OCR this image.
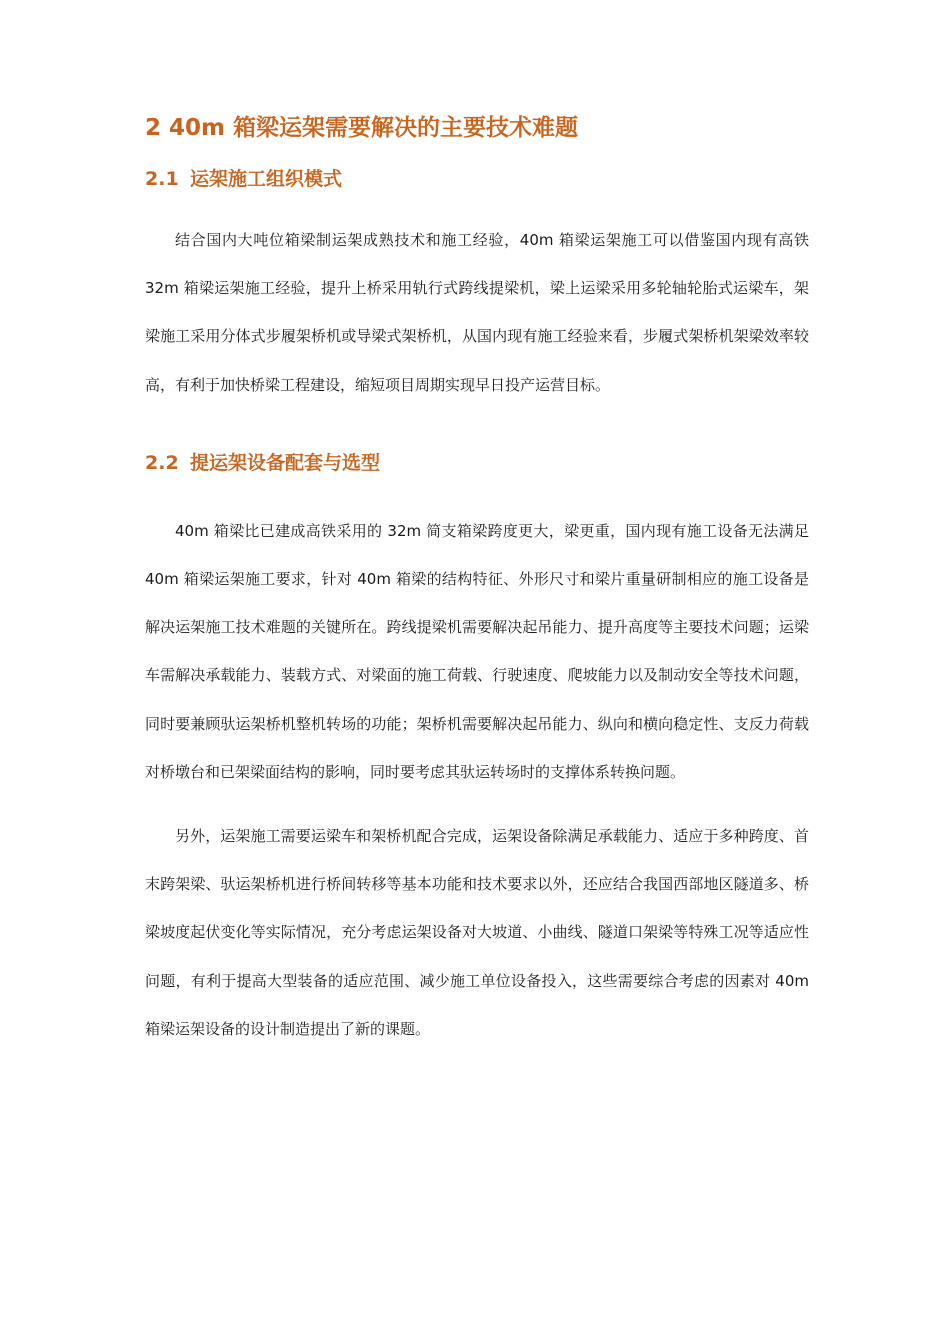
2 40m 箱梁运架需要解决的主要技术难题
2.1 运架施工组织模式

结合国内大吨位箱梁制运架成熟技术和施工经验，40m 箱梁运架施工可以借鉴国内现有高铁 32m 箱梁运架施工经验，提升上桥采用轨行式跨线提梁机，梁上运梁采用多轮轴轮胎式运梁车，架梁施工采用分体式步履架桥机或导梁式架桥机，从国内现有施工经验来看，步履式架桥机架梁效率较高，有利于加快桥梁工程建设，缩短项目周期实现早日投产运营目标。

2.2 提运架设备配套与选型

40m 箱梁比已建成高铁采用的 32m 简支箱梁跨度更大，梁更重，国内现有施工设备无法满足 40m 箱梁运架施工要求，针对 40m 箱梁的结构特征、外形尺寸和梁片重量研制相应的施工设备是解决运架施工技术难题的关键所在。跨线提梁机需要解决起吊能力、提升高度等主要技术问题；运梁车需解决承载能力、装载方式、对梁面的施工荷载、行驶速度、爬坡能力以及制动安全等技术问题，同时要兼顾驮运架桥机整机转场的功能；架桥机需要解决起吊能力、纵向和横向稳定性、支反力荷载对桥墩台和已架梁面结构的影响，同时要考虑其驮运转场时的支撑体系转换问题。

另外，运架施工需要运梁车和架桥机配合完成，运架设备除满足承载能力、适应于多种跨度、首末跨架梁、驮运架桥机进行桥间转移等基本功能和技术要求以外，还应结合我国西部地区隧道多、桥梁坡度起伏变化等实际情况，充分考虑运架设备对大坡道、小曲线、隧道口架梁等特殊工况等适应性问题，有利于提高大型装备的适应范围、减少施工单位设备投入，这些需要综合考虑的因素对 40m 箱梁运架设备的设计制造提出了新的课题。
